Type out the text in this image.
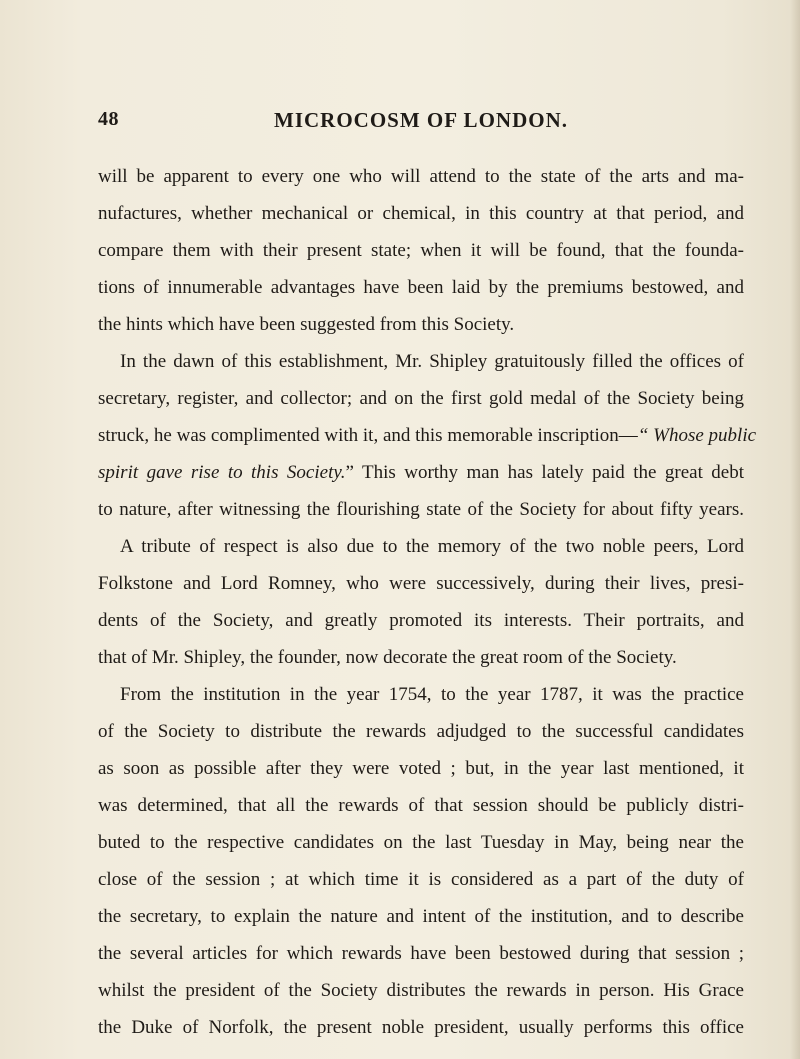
48	MICROCOSM OF LONDON.
will be apparent to every one who will attend to the state of the arts and ma-
nufactures, whether mechanical or chemical, in this country at that period, and
compare them with their present state; when it will be found, that the founda-
tions of innumerable advantages have been laid by the premiums bestowed, and
the hints which have been suggested from this Society.
In the dawn of this establishment, Mr. Shipley gratuitously filled the offices of
secretary, register, and collector; and on the first gold medal of the Society being
struck, he was complimented with it, and this memorable inscription—“ Whose public
spirit gave rise to this Society.” This worthy man has lately paid the great debt
to nature, after witnessing the flourishing state of the Society for about fifty years.
A tribute of respect is also due to the memory of the two noble peers, Lord
Folkstone and Lord Romney, who were successively, during their lives, presi-
dents of the Society, and greatly promoted its interests. Their portraits, and
that of Mr. Shipley, the founder, now decorate the great room of the Society.
From the institution in the year 1754, to the year 1787, it was the practice
of the Society to distribute the rewards adjudged to the successful candidates
as soon as possible after they were voted ; but, in the year last mentioned, it
was determined, that all the rewards of that session should be publicly distri-
buted to the respective candidates on the last Tuesday in May, being near the
close of the session ; at which time it is considered as a part of the duty of
the secretary, to explain the nature and intent of the institution, and to describe
the several articles for which rewards have been bestowed during that session ;
whilst the president of the Society distributes the rewards in person. His Grace
the Duke of Norfolk, the present noble president, usually performs this office
